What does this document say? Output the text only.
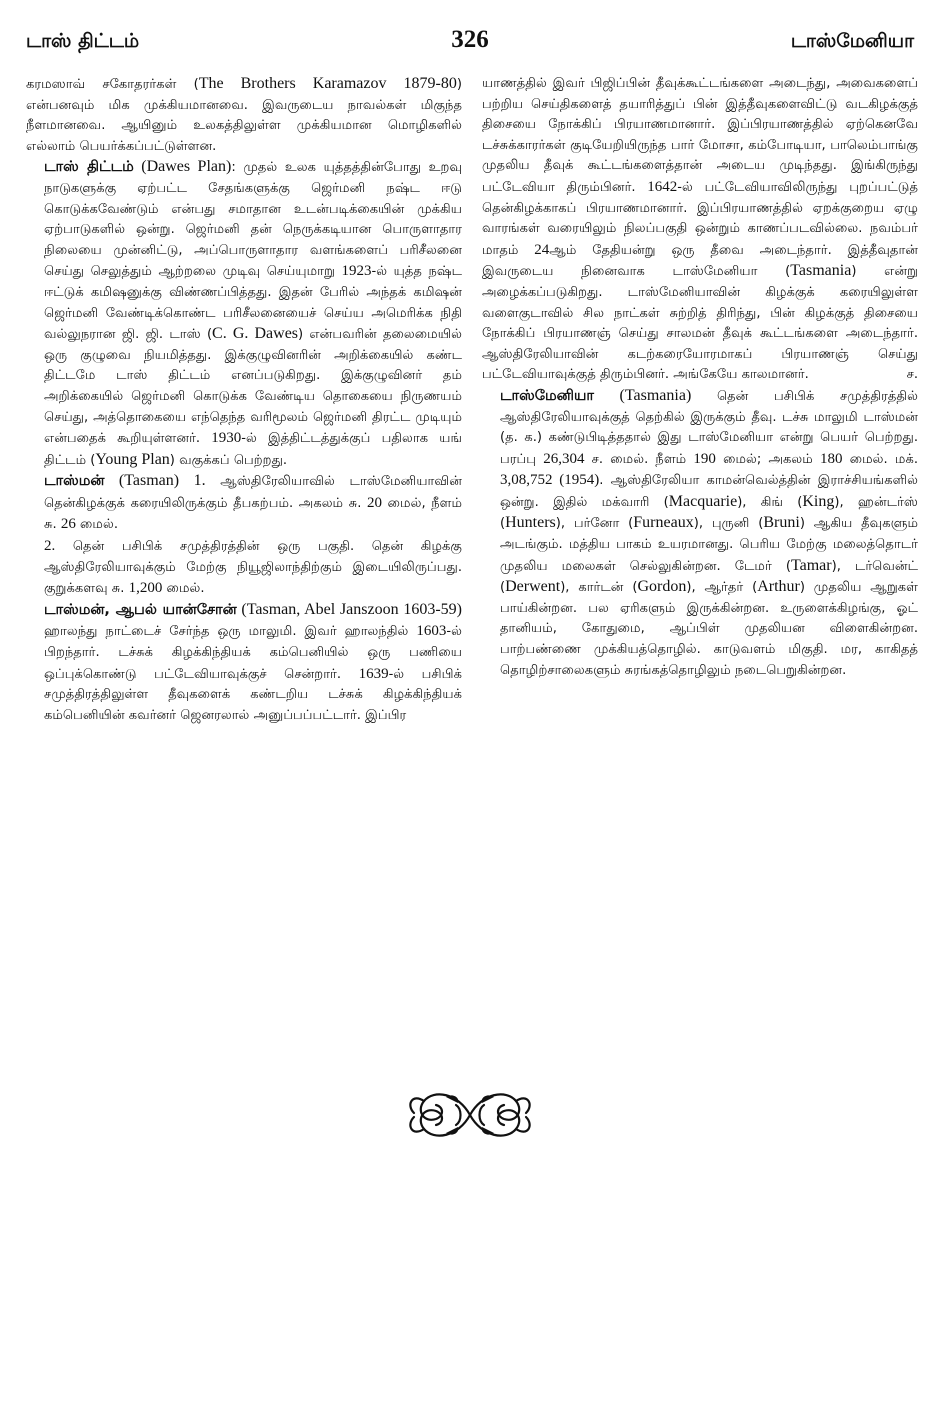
டாஸ் திட்டம்	326	டாஸ்மேனியா

கரமஸாவ் சகோதரர்கள் (The Brothers Karamazov 1879-80) என்பனவும் மிக முக்கியமானவை. இவருடைய நாவல்கள் மிகுந்த நீளமானவை. ஆயினும் உலகத்திலுள்ள முக்கியமான மொழிகளில் எல்லாம் பெயர்க்கப்பட்டுள்ளன.

டாஸ் திட்டம் (Dawes Plan): முதல் உலக யுத்தத்தின்போது உறவு நாடுகளுக்கு ஏற்பட்ட சேதங்களுக்கு ஜெர்மனி நஷ்ட ஈடு கொடுக்கவேண்டும் என்பது சமாதான உடன்படிக்கையின் முக்கிய ஏற்பாடுகளில் ஒன்று. ஜெர்மனி தன் நெருக்கடியான பொருளாதார நிலையை முன்னிட்டு, அப்பொருளாதார வளங்களைப் பரிசீலனை செய்து செலுத்தும் ஆற்றலை முடிவு செய்யுமாறு 1923-ல் யுத்த நஷ்ட ஈட்டுக் கமிஷனுக்கு விண்ணப்பித்தது. இதன் பேரில் அந்தக் கமிஷன் ஜெர்மனி வேண்டிக்கொண்ட பரிசீலனையைச் செய்ய அமெரிக்க நிதி வல்லுநரான ஜி. ஜி. டாஸ் (C. G. Dawes) என்பவரின் தலைமையில் ஒரு குழுவை நியமித்தது. இக்குழுவினரின் அறிக்கையில் கண்ட திட்டமே டாஸ் திட்டம் எனப்படுகிறது. இக்குழுவினர் தம் அறிக்கையில் ஜெர்மனி கொடுக்க வேண்டிய தொகையை நிருணயம் செய்து, அத்தொகையை எந்தெந்த வரிமூலம் ஜெர்மனி திரட்ட முடியும் என்பதைக் கூறியுள்ளனர். 1930-ல் இத்திட்டத்துக்குப் பதிலாக யங் திட்டம் (Young Plan) வகுக்கப் பெற்றது.

டாஸ்மன் (Tasman) 1. ஆஸ்திரேலியாவில் டாஸ்மேனியாவின் தென்கிழக்குக் கரையிலிருக்கும் தீபகற்பம். அகலம் சு. 20 மைல், நீளம் சு. 26 மைல்.

2. தென் பசிபிக் சமுத்திரத்தின் ஒரு பகுதி. தென் கிழக்கு ஆஸ்திரேலியாவுக்கும் மேற்கு நியூஜிலாந்திற்கும் இடையிலிருப்பது. குறுக்களவு சு. 1,200 மைல்.

டாஸ்மன், ஆபல் யான்சோன் (Tasman, Abel Janszoon 1603-59) ஹாலந்து நாட்டைச் சேர்ந்த ஒரு மாலுமி. இவர் ஹாலந்தில் 1603-ல் பிறந்தார். டச்சுக் கிழக்கிந்தியக் கம்பெனியில் ஒரு பணியை ஒப்புக்கொண்டு பட்டேவியாவுக்குச் சென்றார். 1639-ல் பசிபிக் சமுத்திரத்திலுள்ள தீவுகளைக் கண்டறிய டச்சுக் கிழக்கிந்தியக் கம்பெனியின் கவர்னர் ஜெனரலால் அனுப்பப்பட்டார். இப்பிர

யாணத்தில் இவர் பிஜிப்பின் தீவுக்கூட்டங்களை அடைந்து, அவைகளைப் பற்றிய செய்திகளைத் தயாரித்துப் பின் இத்தீவுகளைவிட்டு வடகிழக்குத் திசையை நோக்கிப் பிரயாணமானார். இப்பிரயாணத்தில் ஏற்கெனவே டச்சுக்காரர்கள் குடியேறியிருந்த பார் மோசா, கம்போடியா, பாலெம்பாங்கு முதலிய தீவுக் கூட்டங்களைத்தான் அடைய முடிந்தது. இங்கிருந்து பட்டேவியா திரும்பினர். 1642-ல் பட்டேவியாவிலிருந்து புறப்பட்டுத் தென்கிழக்காகப் பிரயாணமானார். இப்பிரயாணத்தில் ஏறக்குறைய ஏழு வாரங்கள் வரையிலும் நிலப்பகுதி ஒன்றும் காணப்படவில்லை. நவம்பர் மாதம் 24ஆம் தேதியன்று ஒரு தீவை அடைந்தார். இத்தீவுதான் இவருடைய நினைவாக டாஸ்மேனியா (Tasmania) என்று அழைக்கப்படுகிறது. டாஸ்மேனியாவின் கிழக்குக் கரையிலுள்ள வளைகுடாவில் சில நாட்கள் சுற்றித் திரிந்து, பின் கிழக்குத் திசையை நோக்கிப் பிரயாணஞ் செய்து சாலமன் தீவுக் கூட்டங்களை அடைந்தார். ஆஸ்திரேலியாவின் கடற்கரையோரமாகப் பிரயாணஞ் செய்து பட்டேவியாவுக்குத் திரும்பினர். அங்கேயே காலமானர்.	ச.

டாஸ்மேனியா (Tasmania) தென் பசிபிக் சமுத்திரத்தில் ஆஸ்திரேலியாவுக்குத் தெற்கில் இருக்கும் தீவு. டச்சு மாலுமி டாஸ்மன் (த. க.) கண்டுபிடித்ததால் இது டாஸ்மேனியா என்று பெயர் பெற்றது. பரப்பு 26,304 ச. மைல். நீளம் 190 மைல்; அகலம் 180 மைல். மக். 3,08,752 (1954). ஆஸ்திரேலியா காமன்வெல்த்தின் இராச்சியங்களில் ஒன்று. இதில் மக்வாரி (Macquarie), கிங் (King), ஹன்டர்ஸ் (Hunters), பர்னோ (Furneaux), புருனி (Bruni) ஆகிய தீவுகளும் அடங்கும். மத்திய பாகம் உயரமானது. பெரிய மேற்கு மலைத்தொடர் முதலிய மலைகள் செல்லுகின்றன. டேமர் (Tamar), டர்வென்ட் (Derwent), கார்டன் (Gordon), ஆர்தர் (Arthur) முதலிய ஆறுகள் பாய்கின்றன. பல ஏரிகளும் இருக்கின்றன. உருளைக்கிழங்கு, ஓட் தானியம், கோதுமை, ஆப்பிள் முதலியன விளைகின்றன. பாற்பண்ணை முக்கியத்தொழில். காடுவளம் மிகுதி. மர, காகிதத் தொழிற்சாலைகளும் சுரங்கத்தொழிலும் நடைபெறுகின்றன.
